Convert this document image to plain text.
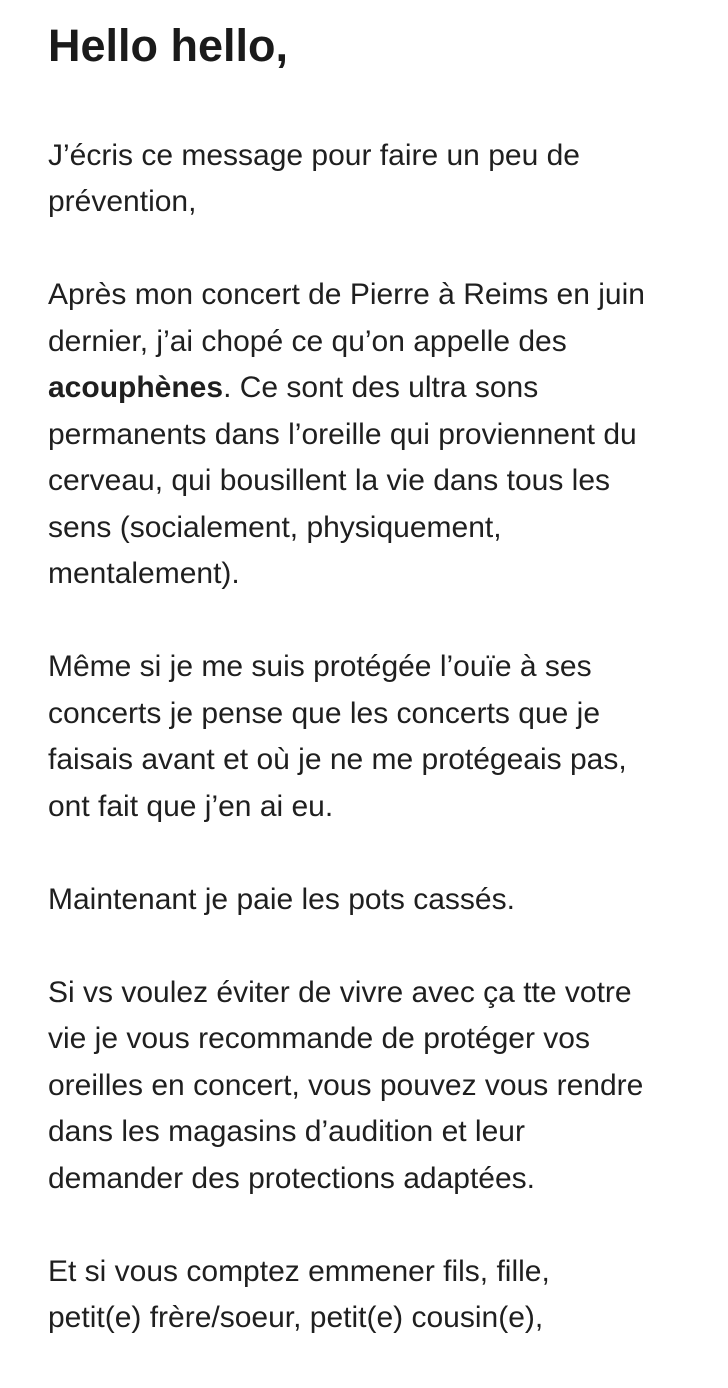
Hello hello,

J’écris ce message pour faire un peu de
prévention,

Après mon concert de Pierre à Reims en juin
dernier, j’ai chopé ce qu’on appelle des
acouphènes. Ce sont des ultra sons
permanents dans l’oreille qui proviennent du
cerveau, qui bousillent la vie dans tous les
sens (socialement, physiquement,
mentalement).

Même si je me suis protégée l’ouïe à ses
concerts je pense que les concerts que je
faisais avant et où je ne me protégeais pas,
ont fait que j’en ai eu.

Maintenant je paie les pots cassés.

Si vs voulez éviter de vivre avec ça tte votre
vie je vous recommande de protéger vos
oreilles en concert, vous pouvez vous rendre
dans les magasins d’audition et leur
demander des protections adaptées.

Et si vous comptez emmener fils, fille,
petit(e) frère/soeur, petit(e) cousin(e),
